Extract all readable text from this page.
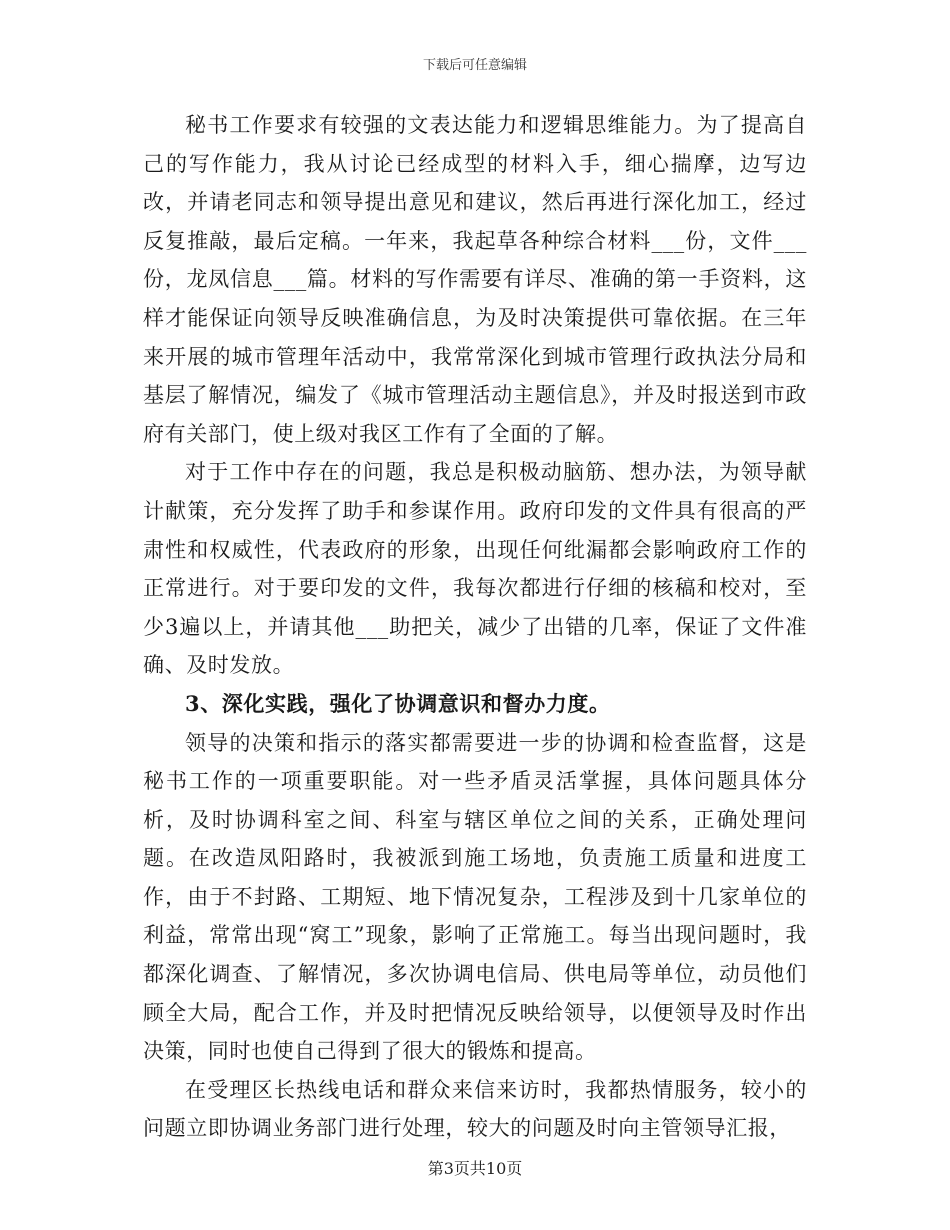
下载后可任意编辑

秘书工作要求有较强的文表达能力和逻辑思维能力。为了提高自己的写作能力，我从讨论已经成型的材料入手，细心揣摩，边写边改，并请老同志和领导提出意见和建议，然后再进行深化加工，经过反复推敲，最后定稿。一年来，我起草各种综合材料___份，文件___份，龙凤信息___篇。材料的写作需要有详尽、准确的第一手资料，这样才能保证向领导反映准确信息，为及时决策提供可靠依据。在三年来开展的城市管理年活动中，我常常深化到城市管理行政执法分局和基层了解情况，编发了《城市管理活动主题信息》，并及时报送到市政府有关部门，使上级对我区工作有了全面的了解。

对于工作中存在的问题，我总是积极动脑筋、想办法，为领导献计献策，充分发挥了助手和参谋作用。政府印发的文件具有很高的严肃性和权威性，代表政府的形象，出现任何纰漏都会影响政府工作的正常进行。对于要印发的文件，我每次都进行仔细的核稿和校对，至少3遍以上，并请其他___助把关，减少了出错的几率，保证了文件准确、及时发放。

3、深化实践，强化了协调意识和督办力度。

领导的决策和指示的落实都需要进一步的协调和检查监督，这是秘书工作的一项重要职能。对一些矛盾灵活掌握，具体问题具体分析，及时协调科室之间、科室与辖区单位之间的关系，正确处理问题。在改造凤阳路时，我被派到施工场地，负责施工质量和进度工作，由于不封路、工期短、地下情况复杂，工程涉及到十几家单位的利益，常常出现“窝工”现象，影响了正常施工。每当出现问题时，我都深化调查、了解情况，多次协调电信局、供电局等单位，动员他们顾全大局，配合工作，并及时把情况反映给领导，以便领导及时作出决策，同时也使自己得到了很大的锻炼和提高。

在受理区长热线电话和群众来信来访时，我都热情服务，较小的问题立即协调业务部门进行处理，较大的问题及时向主管领导汇报，

第3页共10页
